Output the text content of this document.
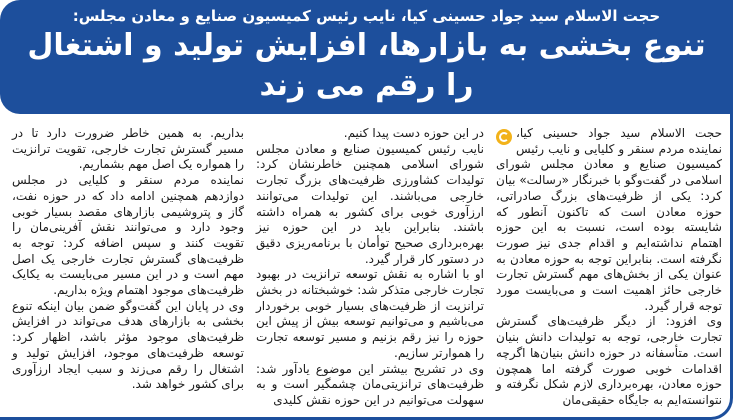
حجت الاسلام سید جواد حسینی کیا، نایب رئیس کمیسیون صنایع و معادن مجلس:
تنوع بخشی به بازارها، افزایش تولید و اشتغال را رقم می زند

حجت الاسلام سید جواد حسینی کیا، نماینده مردم سنقر و کلیایی و نایب رئیس کمیسیون صنایع و معادن مجلس شورای اسلامی در گفت‌وگو با خبرنگار «رسالت» بیان کرد: یکی از ظرفیت‌های بزرگ صادراتی، حوزه معادن است که تاکنون آنطور که شایسته بوده است، نسبت به این حوزه اهتمام نداشته‌ایم و اقدام جدی نیز صورت نگرفته است. بنابراین توجه به حوزه معادن به عنوان یکی از بخش‌های مهم گسترش تجارت خارجی حائز اهمیت است و می‌بایست مورد توجه قرار گیرد.

وی افزود: از دیگر ظرفیت‌های گسترش تجارت خارجی، توجه به تولیدات دانش بنیان است. متأسفانه در حوزه دانش بنیان‌ها اگرچه اقدامات خوبی صورت گرفته اما همچون حوزه معادن، بهره‌برداری لازم شکل نگرفته و نتوانسته‌ایم به جایگاه حقیقی‌مان

در این حوزه دست پیدا کنیم.

نایب رئیس کمیسیون صنایع و معادن مجلس شورای اسلامی همچنین خاطرنشان کرد: تولیدات کشاورزی ظرفیت‌های بزرگ تجارت خارجی می‌باشند. این تولیدات می‌توانند ارزآوری خوبی برای کشور به همراه داشته باشند. بنابراین باید در این حوزه نیز بهره‌برداری صحیح توأمان با برنامه‌ریزی دقیق در دستور کار قرار گیرد.

او با اشاره به نقش توسعه ترانزیت در بهبود تجارت خارجی متذکر شد: خوشبختانه در بخش ترانزیت از ظرفیت‌های بسیار خوبی برخوردار می‌باشیم و می‌توانیم توسعه بیش از پیش این حوزه را نیز رقم بزنیم و مسیر توسعه تجارت را هموارتر سازیم.

وی در تشریح بیشتر این موضوع یادآور شد: ظرفیت‌های ترانزیتی‌مان چشمگیر است و به سهولت می‌توانیم در این حوزه نقش کلیدی

بداریم. به همین خاطر ضرورت دارد تا در مسیر گسترش تجارت خارجی، تقویت ترانزیت را همواره یک اصل مهم بشماریم.

نماینده مردم سنقر و کلیایی در مجلس دوازدهم همچنین ادامه داد که در حوزه نفت، گاز و پتروشیمی بازارهای مقصد بسیار خوبی وجود دارد و می‌توانند نقش آفرینی‌مان را تقویت کنند و سپس اضافه کرد: توجه به ظرفیت‌های گسترش تجارت خارجی یک اصل مهم است و در این مسیر می‌بایست به یکایک ظرفیت‌های موجود اهتمام ویژه بداریم.

وی در پایان این گفت‌وگو ضمن بیان اینکه تنوع بخشی به بازارهای هدف می‌تواند در افزایش ظرفیت‌های موجود مؤثر باشد، اظهار کرد: توسعه ظرفیت‌های موجود، افزایش تولید و اشتغال را رقم می‌زند و سبب ایجاد ارزآوری برای کشور خواهد شد.
